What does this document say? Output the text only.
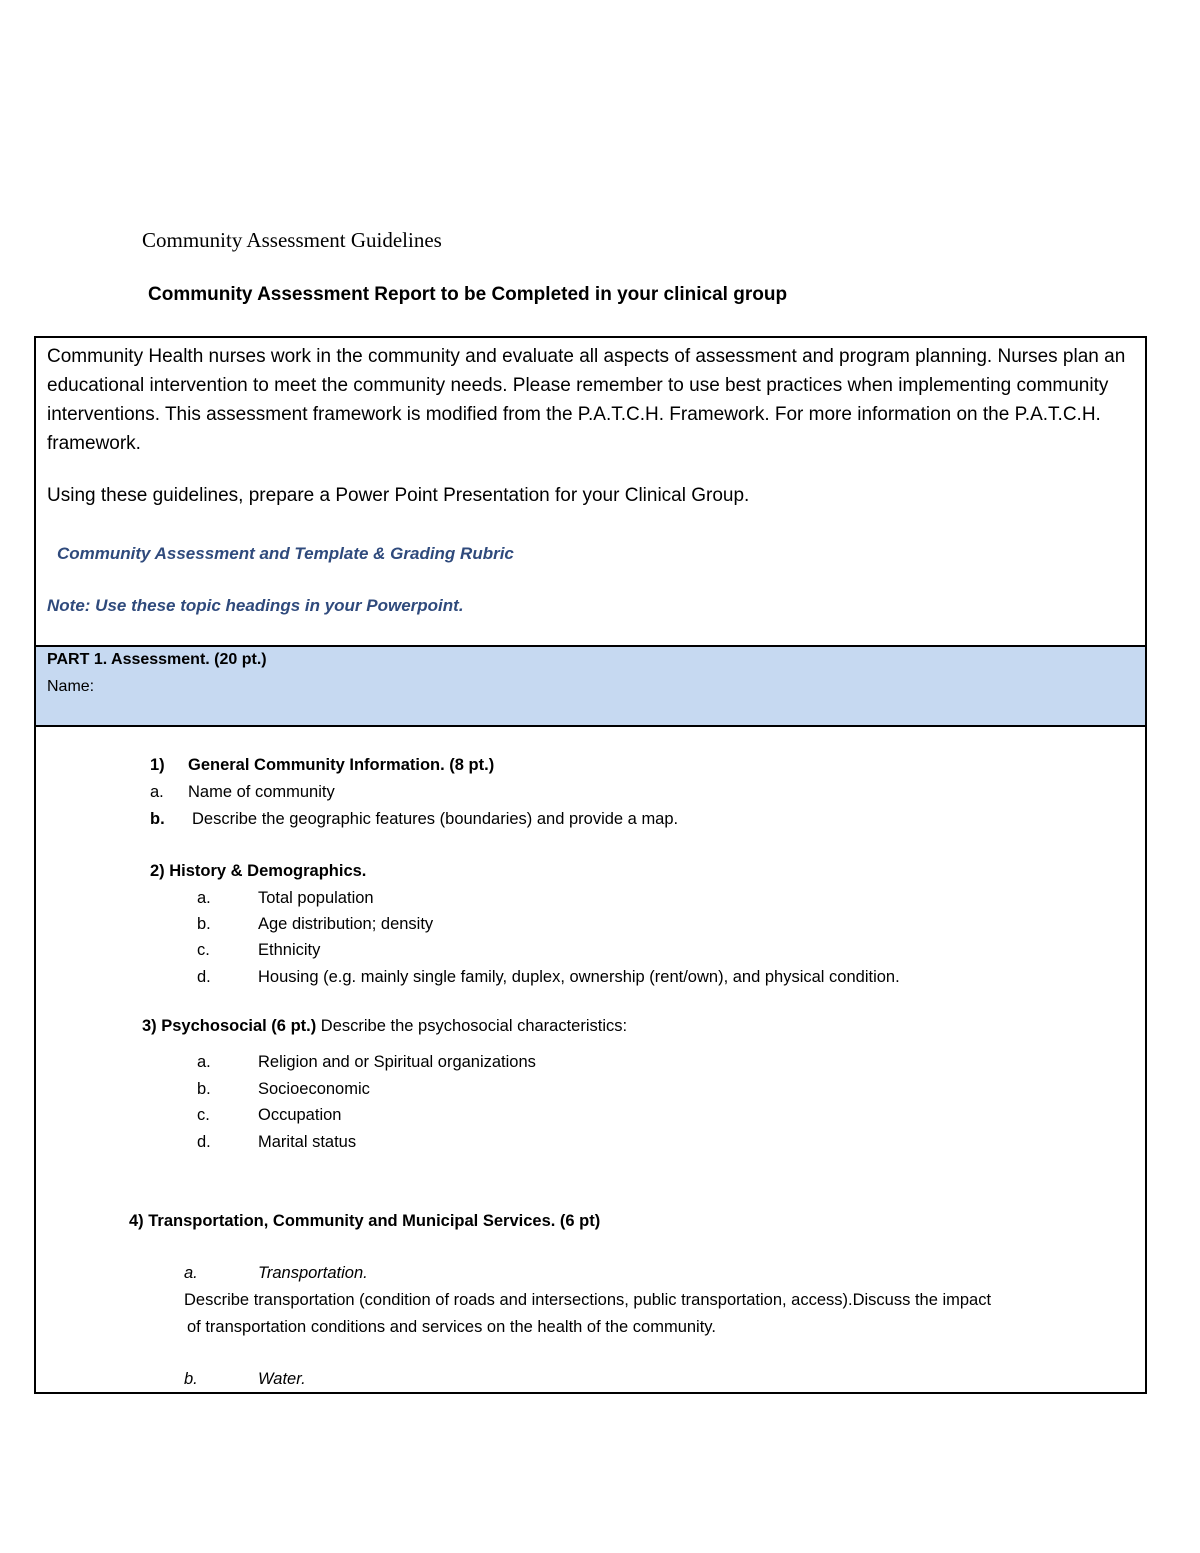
Community Assessment Guidelines
Community Assessment Report to be Completed in your clinical group
Community Health nurses work in the community and evaluate all aspects of assessment and program planning. Nurses plan an educational intervention to meet the community needs. Please remember to use best practices when implementing community interventions. This assessment framework is modified from the P.A.T.C.H. Framework. For more information on the P.A.T.C.H. framework.
Using these guidelines, prepare a Power Point Presentation for your Clinical Group.
Community Assessment and Template & Grading Rubric
Note: Use these topic headings in your Powerpoint.
PART 1. Assessment. (20 pt.)
Name:
1) General Community Information. (8 pt.)
a. Name of community
b. Describe the geographic features (boundaries) and provide a map.
2) History & Demographics.
a.	Total population
b.	Age distribution; density
c.	Ethnicity
d.	Housing (e.g. mainly single family, duplex, ownership (rent/own), and physical condition.
3) Psychosocial (6 pt.) Describe the psychosocial characteristics:
a.	Religion and or Spiritual organizations
b.	Socioeconomic
c.	Occupation
d.	Marital status
4) Transportation, Community and Municipal Services. (6 pt)
a.	Transportation.
Describe transportation (condition of roads and intersections, public transportation, access).Discuss the impact
of transportation conditions and services on the health of the community.
b.	Water.
